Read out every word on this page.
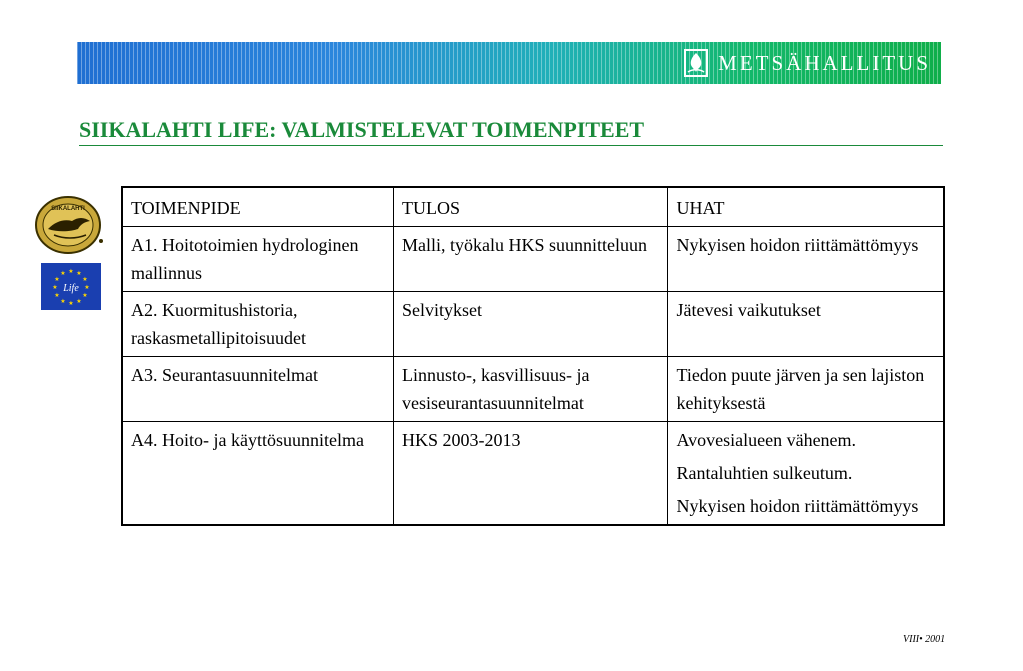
METSÄHALLITUS
SIIKALAHTI LIFE: VALMISTELEVAT TOIMENPITEET
SIIKALAHTI
★ ★
★
★
★
★
★
★
★
★
★
★
Life
TOIMENPIDE	TULOS	UHAT
A1. Hoitotoimien hydrologinen mallinnus	Malli, työkalu HKS suunnitteluun	Nykyisen hoidon riittämättömyys

A2. Kuormitushistoria, raskasmetallipitoisuudet	Selvitykset	Jätevesi vaikutukset

A3. Seurantasuunnitelmat	Linnusto-, kasvillisuus- ja vesiseurantasuunnitelmat	Tiedon puute järven ja sen lajiston kehityksestä

A4. Hoito- ja käyttösuunnitelma	HKS 2003-2013	Avovesialueen vähenem.
Rantaluhtien sulkeutum.
Nykyisen hoidon riittämättömyys
VIII• 2001
